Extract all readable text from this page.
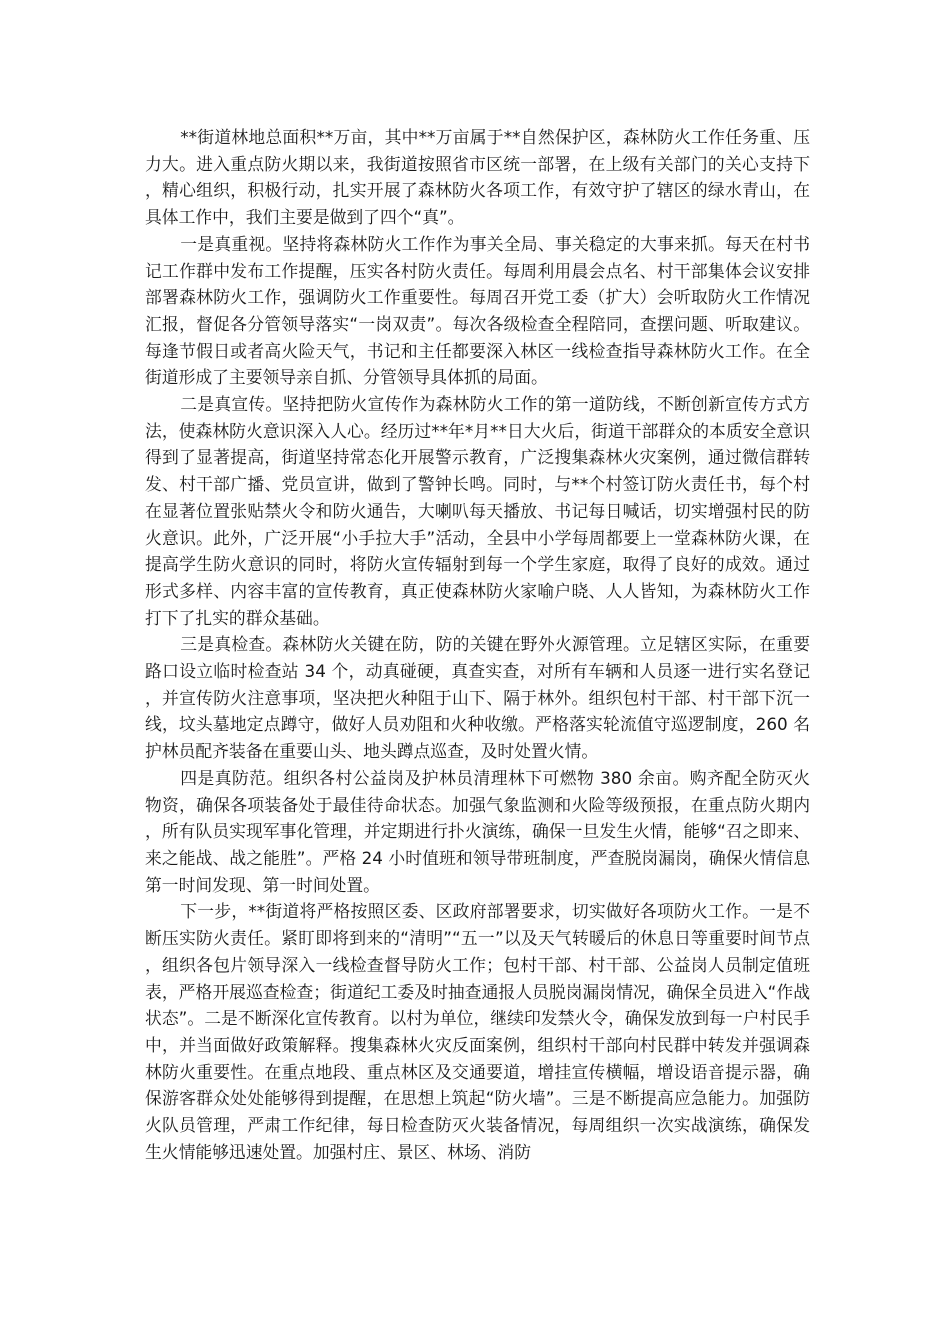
**街道林地总面积**万亩，其中**万亩属于**自然保护区，森林防火工作任务重、压力大。进入重点防火期以来，我街道按照省市区统一部署，在上级有关部门的关心支持下，精心组织，积极行动，扎实开展了森林防火各项工作，有效守护了辖区的绿水青山，在具体工作中，我们主要是做到了四个“真”。

一是真重视。坚持将森林防火工作作为事关全局、事关稳定的大事来抓。每天在村书记工作群中发布工作提醒，压实各村防火责任。每周利用晨会点名、村干部集体会议安排部署森林防火工作，强调防火工作重要性。每周召开党工委（扩大）会听取防火工作情况汇报，督促各分管领导落实“一岗双责”。每次各级检查全程陪同，查摆问题、听取建议。每逢节假日或者高火险天气，书记和主任都要深入林区一线检查指导森林防火工作。在全街道形成了主要领导亲自抓、分管领导具体抓的局面。

二是真宣传。坚持把防火宣传作为森林防火工作的第一道防线，不断创新宣传方式方法，使森林防火意识深入人心。经历过**年*月**日大火后，街道干部群众的本质安全意识得到了显著提高，街道坚持常态化开展警示教育，广泛搜集森林火灾案例，通过微信群转发、村干部广播、党员宣讲，做到了警钟长鸣。同时，与**个村签订防火责任书，每个村在显著位置张贴禁火令和防火通告，大喇叭每天播放、书记每日喊话，切实增强村民的防火意识。此外，广泛开展“小手拉大手”活动，全县中小学每周都要上一堂森林防火课，在提高学生防火意识的同时，将防火宣传辐射到每一个学生家庭，取得了良好的成效。通过形式多样、内容丰富的宣传教育，真正使森林防火家喻户晓、人人皆知，为森林防火工作打下了扎实的群众基础。

三是真检查。森林防火关键在防，防的关键在野外火源管理。立足辖区实际，在重要路口设立临时检查站 34 个，动真碰硬，真查实查，对所有车辆和人员逐一进行实名登记，并宣传防火注意事项，坚决把火种阻于山下、隔于林外。组织包村干部、村干部下沉一线，坟头墓地定点蹲守，做好人员劝阻和火种收缴。严格落实轮流值守巡逻制度，260 名护林员配齐装备在重要山头、地头蹲点巡查，及时处置火情。

四是真防范。组织各村公益岗及护林员清理林下可燃物 380 余亩。购齐配全防灭火物资，确保各项装备处于最佳待命状态。加强气象监测和火险等级预报，在重点防火期内，所有队员实现军事化管理，并定期进行扑火演练，确保一旦发生火情，能够“召之即来、来之能战、战之能胜”。严格 24 小时值班和领导带班制度，严查脱岗漏岗，确保火情信息第一时间发现、第一时间处置。

下一步，**街道将严格按照区委、区政府部署要求，切实做好各项防火工作。一是不断压实防火责任。紧盯即将到来的“清明”“五一”以及天气转暖后的休息日等重要时间节点，组织各包片领导深入一线检查督导防火工作；包村干部、村干部、公益岗人员制定值班表，严格开展巡查检查；街道纪工委及时抽查通报人员脱岗漏岗情况，确保全员进入“作战状态”。二是不断深化宣传教育。以村为单位，继续印发禁火令，确保发放到每一户村民手中，并当面做好政策解释。搜集森林火灾反面案例，组织村干部向村民群中转发并强调森林防火重要性。在重点地段、重点林区及交通要道，增挂宣传横幅，增设语音提示器，确保游客群众处处能够得到提醒，在思想上筑起“防火墙”。三是不断提高应急能力。加强防火队员管理，严肃工作纪律，每日检查防灭火装备情况，每周组织一次实战演练，确保发生火情能够迅速处置。加强村庄、景区、林场、消防
